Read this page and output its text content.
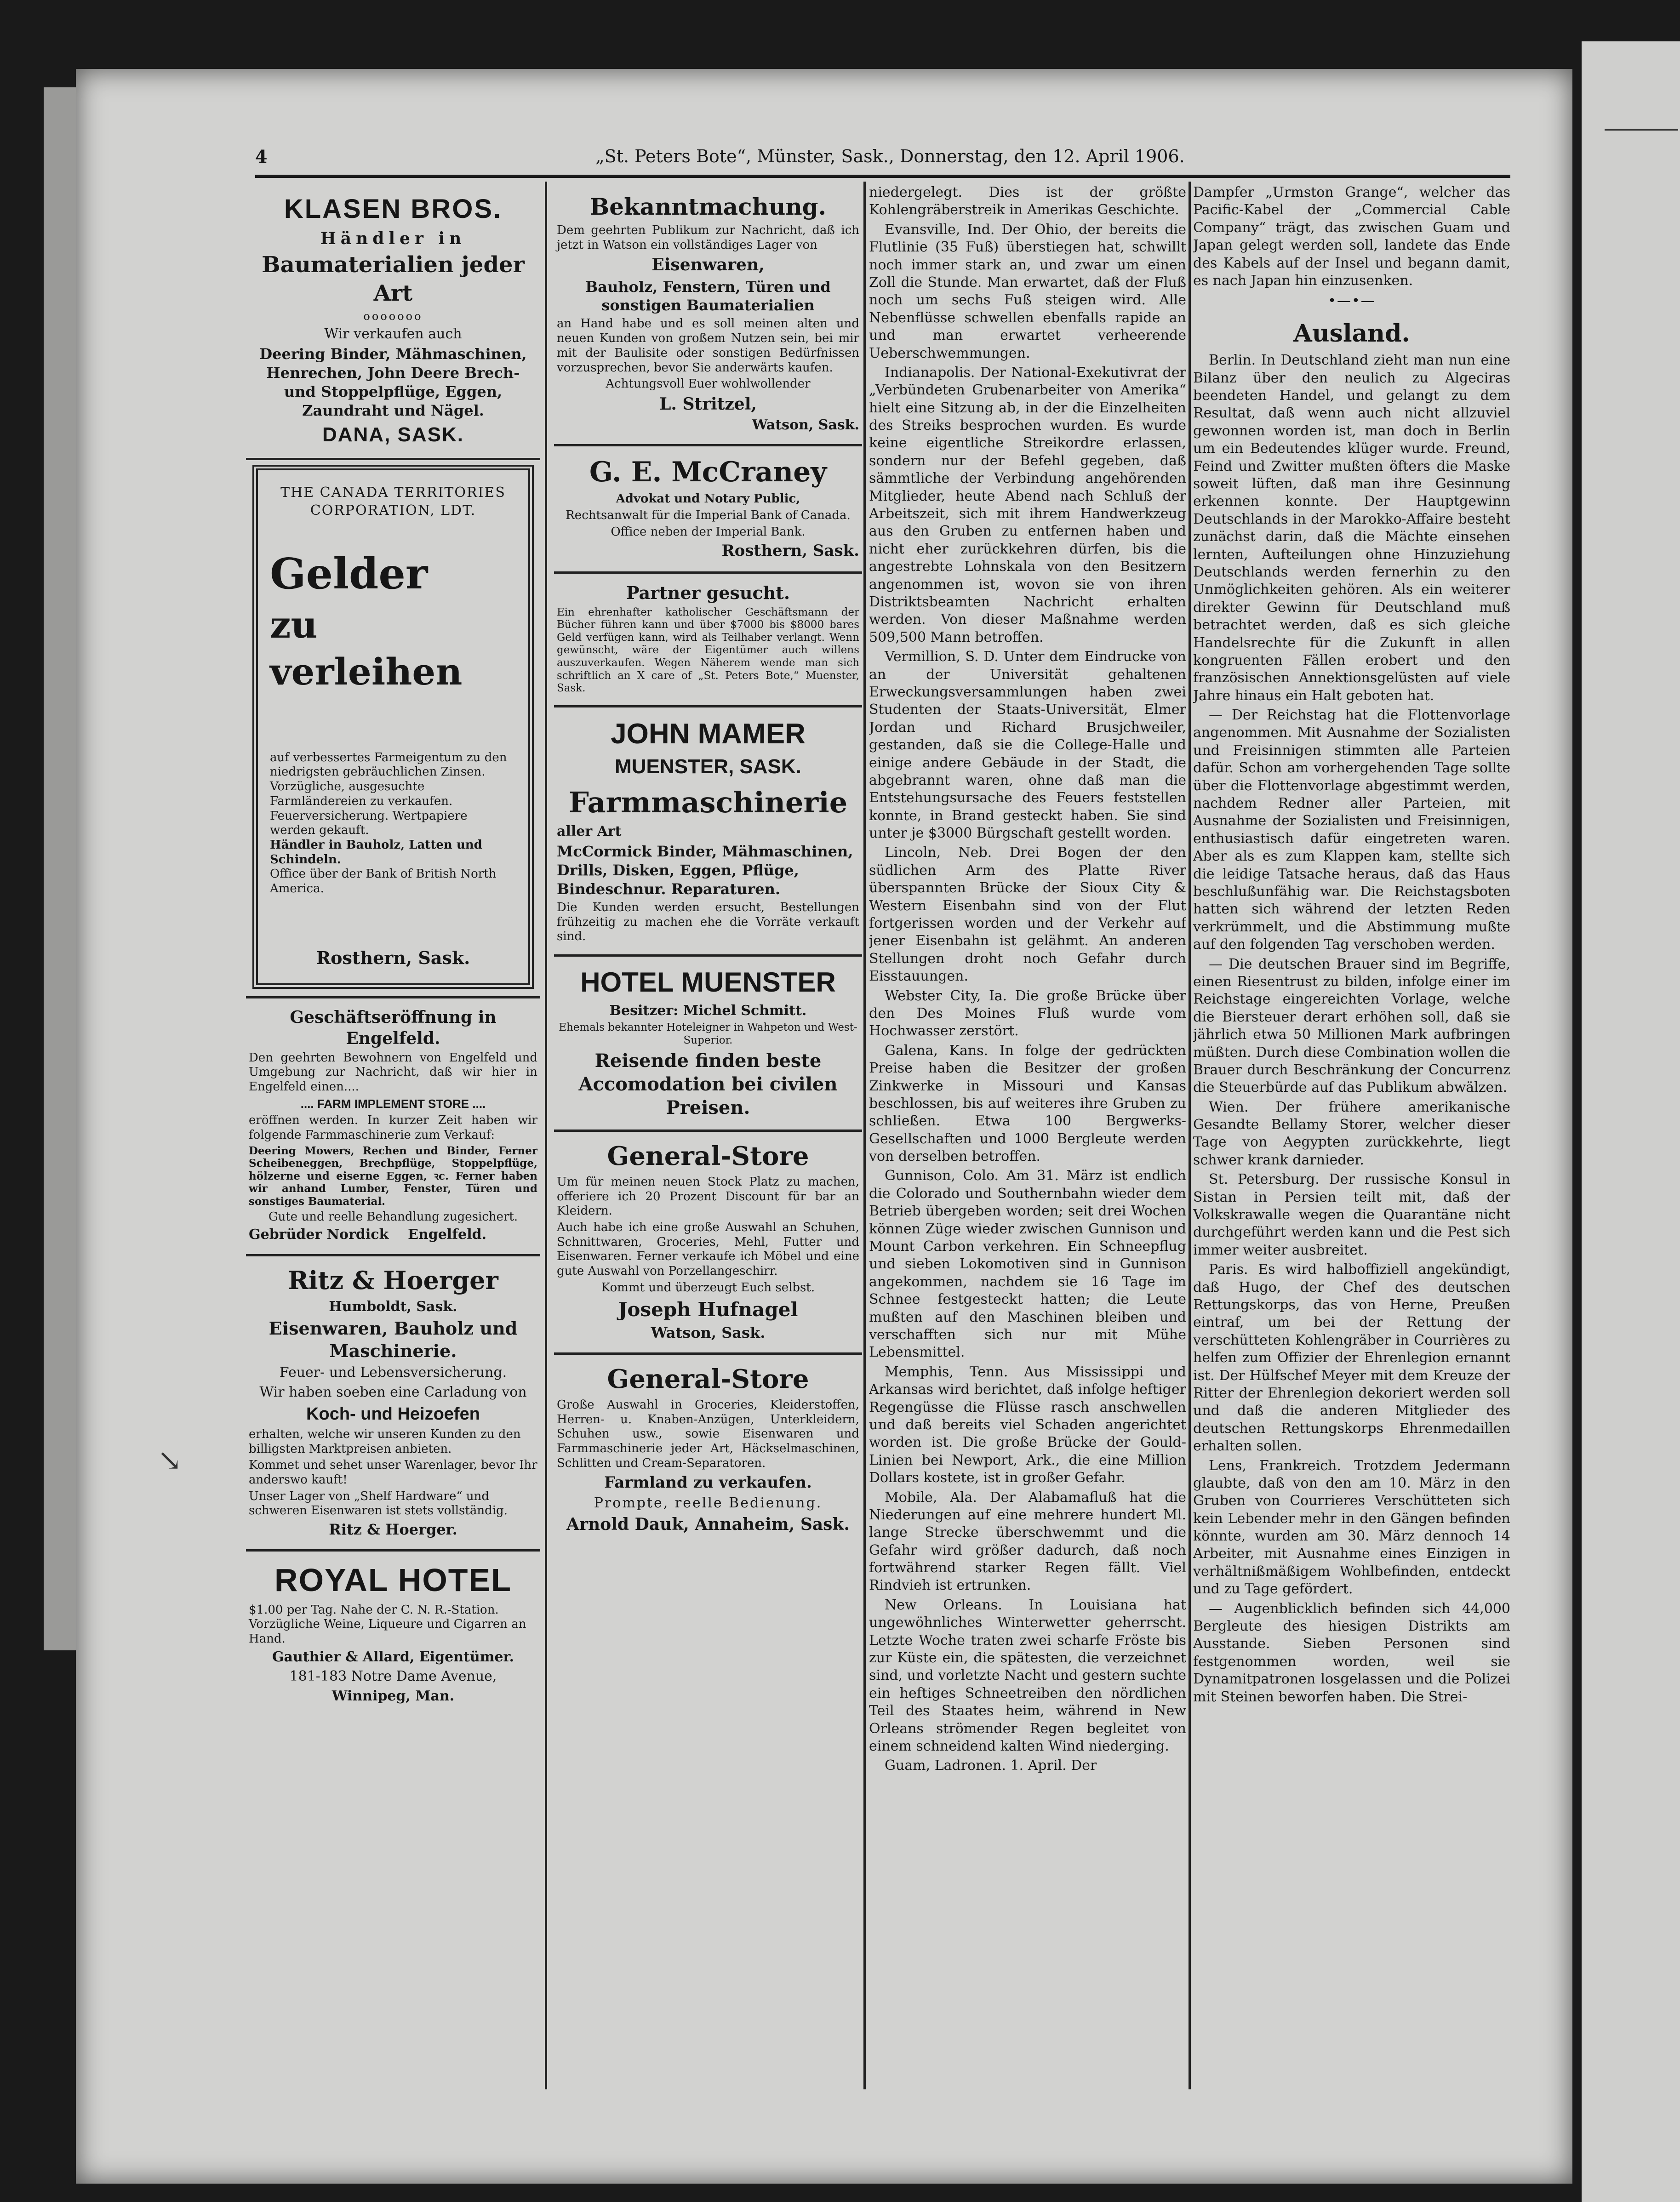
↘
4	„St. Peters Bote“, Münster, Sask., Donnerstag, den 12. April 1906.

KLASEN BROS.

Händler in

Baumaterialien jeder Art

ooooooo

Wir verkaufen auch

Deering Binder, Mähmaschinen, Henrechen, John Deere Brech- und Stoppelpflüge, Eggen, Zaundraht und Nägel.

DANA, SASK.

THE CANADA TERRITORIES CORPORATION, LDT.

Gelder

zu verleihen

auf verbessertes Farmeigentum zu den niedrigsten gebräuchlichen Zinsen.

Vorzügliche, ausgesuchte Farmländereien zu verkaufen.

Feuerversicherung. Wertpapiere werden gekauft.

Händler in Bauholz, Latten und Schindeln.

Office über der Bank of British North America.

Rosthern, Sask.

Geschäftseröffnung in Engelfeld.

Den geehrten Bewohnern von Engelfeld und Umgebung zur Nachricht, daß wir hier in Engelfeld einen....

.... FARM IMPLEMENT STORE ....

eröffnen werden. In kurzer Zeit haben wir folgende Farmmaschinerie zum Verkauf:

Deering Mowers, Rechen und Binder, Ferner Scheibeneggen, Brechpflüge, Stoppelpflüge, hölzerne und eiserne Eggen, ꝛc. Ferner haben wir anhand Lumber, Fenster, Türen und sonstiges Baumaterial.

Gute und reelle Behandlung zugesichert.

Gebrüder Nordick Engelfeld.

Ritz & Hoerger

Humboldt, Sask.

Eisenwaren, Bauholz und Maschinerie.

Feuer- und Lebensversicherung.

Wir haben soeben eine Carladung von

Koch- und Heizoefen

erhalten, welche wir unseren Kunden zu den billigsten Marktpreisen anbieten.

Kommet und sehet unser Warenlager, bevor Ihr anderswo kauft!

Unser Lager von „Shelf Hardware“ und schweren Eisenwaren ist stets vollständig.

Ritz & Hoerger.

ROYAL HOTEL

$1.00 per Tag. Nahe der C. N. R.-Station. Vorzügliche Weine, Liqueure und Cigarren an Hand.

Gauthier & Allard, Eigentümer.

181-183 Notre Dame Avenue,

Winnipeg, Man.

Bekanntmachung.

Dem geehrten Publikum zur Nachricht, daß ich jetzt in Watson ein vollständiges Lager von

Eisenwaren,

Bauholz, Fenstern, Türen und sonstigen Baumaterialien

an Hand habe und es soll meinen alten und neuen Kunden von großem Nutzen sein, bei mir mit der Baulisite oder sonstigen Bedürfnissen vorzusprechen, bevor Sie anderwärts kaufen.

Achtungsvoll Euer wohlwollender

L. Stritzel,

Watson, Sask.

G. E. McCraney

Advokat und Notary Public,

Rechtsanwalt für die Imperial Bank of Canada.

Office neben der Imperial Bank.

Rosthern, Sask.

Partner gesucht.

Ein ehrenhafter katholischer Geschäftsmann der Bücher führen kann und über $7000 bis $8000 bares Geld verfügen kann, wird als Teilhaber verlangt. Wenn gewünscht, wäre der Eigentümer auch willens auszuverkaufen. Wegen Näherem wende man sich schriftlich an X care of „St. Peters Bote,“ Muenster, Sask.

JOHN MAMER

MUENSTER, SASK.

Farmmaschinerie

aller Art

McCormick Binder, Mähmaschinen, Drills, Disken, Eggen, Pflüge, Bindeschnur. Reparaturen.

Die Kunden werden ersucht, Bestellungen frühzeitig zu machen ehe die Vorräte verkauft sind.

HOTEL MUENSTER

Besitzer: Michel Schmitt.

Ehemals bekannter Hoteleigner in Wahpeton und West-Superior.

Reisende finden beste Accomodation bei civilen Preisen.

General-Store

Um für meinen neuen Stock Platz zu machen, offeriere ich 20 Prozent Discount für bar an Kleidern.

Auch habe ich eine große Auswahl an Schuhen, Schnittwaren, Groceries, Mehl, Futter und Eisenwaren. Ferner verkaufe ich Möbel und eine gute Auswahl von Porzellangeschirr.

Kommt und überzeugt Euch selbst.

Joseph Hufnagel

Watson, Sask.

General-Store

Große Auswahl in Groceries, Kleiderstoffen, Herren- u. Knaben-Anzügen, Unterkleidern, Schuhen usw., sowie Eisenwaren und Farmmaschinerie jeder Art, Häckselmaschinen, Schlitten und Cream-Separatoren.

Farmland zu verkaufen.

Prompte, reelle Bedienung.

Arnold Dauk, Annaheim, Sask.

niedergelegt. Dies ist der größte Kohlengräberstreik in Amerikas Geschichte.

Evansville, Ind. Der Ohio, der bereits die Flutlinie (35 Fuß) überstiegen hat, schwillt noch immer stark an, und zwar um einen Zoll die Stunde. Man erwartet, daß der Fluß noch um sechs Fuß steigen wird. Alle Nebenflüsse schwellen ebenfalls rapide an und man erwartet verheerende Ueberschwemmungen.

Indianapolis. Der National-Exekutivrat der „Verbündeten Grubenarbeiter von Amerika“ hielt eine Sitzung ab, in der die Einzelheiten des Streiks besprochen wurden. Es wurde keine eigentliche Streikordre erlassen, sondern nur der Befehl gegeben, daß sämmtliche der Verbindung angehörenden Mitglieder, heute Abend nach Schluß der Arbeitszeit, sich mit ihrem Handwerkzeug aus den Gruben zu entfernen haben und nicht eher zurückkehren dürfen, bis die angestrebte Lohnskala von den Besitzern angenommen ist, wovon sie von ihren Distriktsbeamten Nachricht erhalten werden. Von dieser Maßnahme werden 509,500 Mann betroffen.

Vermillion, S. D. Unter dem Eindrucke von an der Universität gehaltenen Erweckungsversammlungen haben zwei Studenten der Staats-Universität, Elmer Jordan und Richard Brusjchweiler, gestanden, daß sie die College-Halle und einige andere Gebäude in der Stadt, die abgebrannt waren, ohne daß man die Entstehungsursache des Feuers feststellen konnte, in Brand gesteckt haben. Sie sind unter je $3000 Bürgschaft gestellt worden.

Lincoln, Neb. Drei Bogen der den südlichen Arm des Platte River überspannten Brücke der Sioux City & Western Eisenbahn sind von der Flut fortgerissen worden und der Verkehr auf jener Eisenbahn ist gelähmt. An anderen Stellungen droht noch Gefahr durch Eisstauungen.

Webster City, Ia. Die große Brücke über den Des Moines Fluß wurde vom Hochwasser zerstört.

Galena, Kans. In folge der gedrückten Preise haben die Besitzer der großen Zinkwerke in Missouri und Kansas beschlossen, bis auf weiteres ihre Gruben zu schließen. Etwa 100 Bergwerks-Gesellschaften und 1000 Bergleute werden von derselben betroffen.

Gunnison, Colo. Am 31. März ist endlich die Colorado und Southernbahn wieder dem Betrieb übergeben worden; seit drei Wochen können Züge wieder zwischen Gunnison und Mount Carbon verkehren. Ein Schneepflug und sieben Lokomotiven sind in Gunnison angekommen, nachdem sie 16 Tage im Schnee festgesteckt hatten; die Leute mußten auf den Maschinen bleiben und verschafften sich nur mit Mühe Lebensmittel.

Memphis, Tenn. Aus Mississippi und Arkansas wird berichtet, daß infolge heftiger Regengüsse die Flüsse rasch anschwellen und daß bereits viel Schaden angerichtet worden ist. Die große Brücke der Gould-Linien bei Newport, Ark., die eine Million Dollars kostete, ist in großer Gefahr.

Mobile, Ala. Der Alabamafluß hat die Niederungen auf eine mehrere hundert Ml. lange Strecke überschwemmt und die Gefahr wird größer dadurch, daß noch fortwährend starker Regen fällt. Viel Rindvieh ist ertrunken.

New Orleans. In Louisiana hat ungewöhnliches Winterwetter geherrscht. Letzte Woche traten zwei scharfe Fröste bis zur Küste ein, die spätesten, die verzeichnet sind, und vorletzte Nacht und gestern suchte ein heftiges Schneetreiben den nördlichen Teil des Staates heim, während in New Orleans strömender Regen begleitet von einem schneidend kalten Wind niederging.

Guam, Ladronen. 1. April. Der

Dampfer „Urmston Grange“, welcher das Pacific-Kabel der „Commercial Cable Company“ trägt, das zwischen Guam und Japan gelegt werden soll, landete das Ende des Kabels auf der Insel und begann damit, es nach Japan hin einzusenken.

•—•—
Ausland.

Berlin. In Deutschland zieht man nun eine Bilanz über den neulich zu Algeciras beendeten Handel, und gelangt zu dem Resultat, daß wenn auch nicht allzuviel gewonnen worden ist, man doch in Berlin um ein Bedeutendes klüger wurde. Freund, Feind und Zwitter mußten öfters die Maske soweit lüften, daß man ihre Gesinnung erkennen konnte. Der Hauptgewinn Deutschlands in der Marokko-Affaire besteht zunächst darin, daß die Mächte einsehen lernten, Aufteilungen ohne Hinzuziehung Deutschlands werden fernerhin zu den Unmöglichkeiten gehören. Als ein weiterer direkter Gewinn für Deutschland muß betrachtet werden, daß es sich gleiche Handelsrechte für die Zukunft in allen kongruenten Fällen erobert und den französischen Annektionsgelüsten auf viele Jahre hinaus ein Halt geboten hat.

— Der Reichstag hat die Flottenvorlage angenommen. Mit Ausnahme der Sozialisten und Freisinnigen stimmten alle Parteien dafür. Schon am vorhergehenden Tage sollte über die Flottenvorlage abgestimmt werden, nachdem Redner aller Parteien, mit Ausnahme der Sozialisten und Freisinnigen, enthusiastisch dafür eingetreten waren. Aber als es zum Klappen kam, stellte sich die leidige Tatsache heraus, daß das Haus beschlußunfähig war. Die Reichstagsboten hatten sich während der letzten Reden verkrümmelt, und die Abstimmung mußte auf den folgenden Tag verschoben werden.

— Die deutschen Brauer sind im Begriffe, einen Riesentrust zu bilden, infolge einer im Reichstage eingereichten Vorlage, welche die Biersteuer derart erhöhen soll, daß sie jährlich etwa 50 Millionen Mark aufbringen müßten. Durch diese Combination wollen die Brauer durch Beschränkung der Concurrenz die Steuerbürde auf das Publikum abwälzen.

Wien. Der frühere amerikanische Gesandte Bellamy Storer, welcher dieser Tage von Aegypten zurückkehrte, liegt schwer krank darnieder.

St. Petersburg. Der russische Konsul in Sistan in Persien teilt mit, daß der Volkskrawalle wegen die Quarantäne nicht durchgeführt werden kann und die Pest sich immer weiter ausbreitet.

Paris. Es wird halboffiziell angekündigt, daß Hugo, der Chef des deutschen Rettungskorps, das von Herne, Preußen eintraf, um bei der Rettung der verschütteten Kohlengräber in Courrières zu helfen zum Offizier der Ehrenlegion ernannt ist. Der Hülfschef Meyer mit dem Kreuze der Ritter der Ehrenlegion dekoriert werden soll und daß die anderen Mitglieder des deutschen Rettungskorps Ehrenmedaillen erhalten sollen.

Lens, Frankreich. Trotzdem Jedermann glaubte, daß von den am 10. März in den Gruben von Courrieres Verschütteten sich kein Lebender mehr in den Gängen befinden könnte, wurden am 30. März dennoch 14 Arbeiter, mit Ausnahme eines Einzigen in verhältnißmäßigem Wohlbefinden, entdeckt und zu Tage gefördert.

— Augenblicklich befinden sich 44,000 Bergleute des hiesigen Distrikts am Ausstande. Sieben Personen sind festgenommen worden, weil sie Dynamitpatronen losgelassen und die Polizei mit Steinen beworfen haben. Die Strei-
